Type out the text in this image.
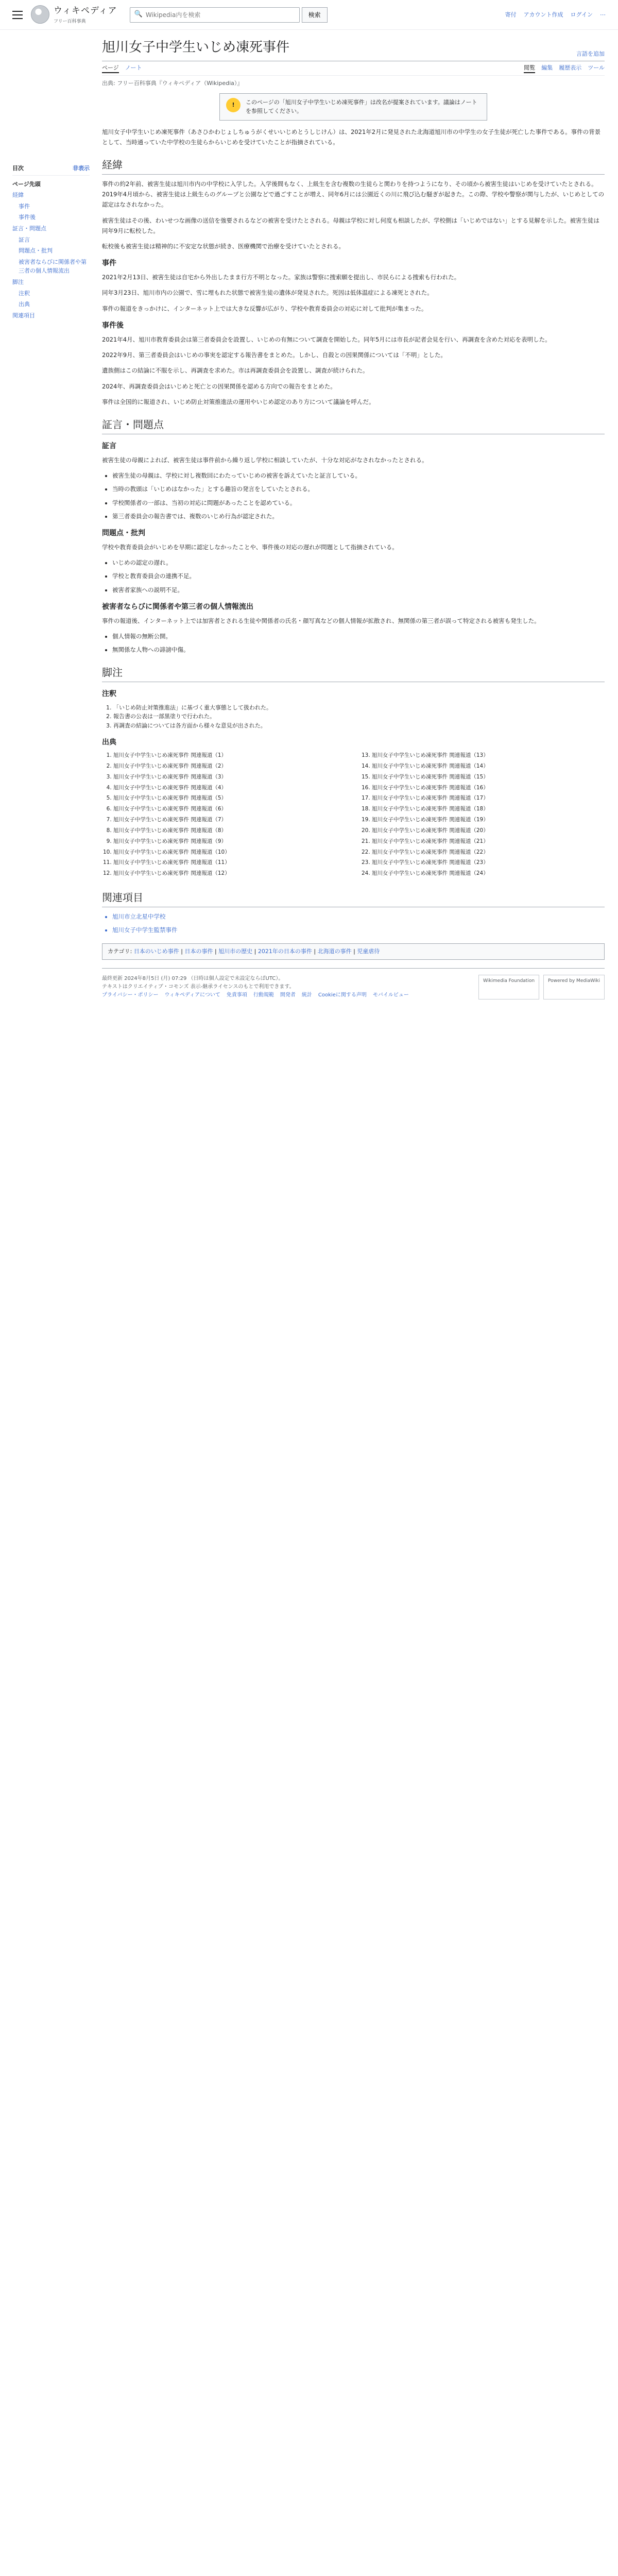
ウィキペディア
フリー百科事典
🔍
Wikipedia内を検索	検索	寄付 アカウント作成 ログイン ⋯
目次	非表示
ページ先頭
経緯
事件
事件後
証言・問題点
証言
問題点・批判
被害者ならびに関係者や第三者の個人情報流出
脚注
注釈
出典
関連項目
旭川女子中学生いじめ凍死事件	言語を追加
ページ ノート	閲覧 編集 履歴表示 ツール
出典: フリー百科事典『ウィキペディア（Wikipedia）』
!	このページの「旭川女子中学生いじめ凍死事件」は改名が提案されています。議論はノートを参照してください。

旭川女子中学生いじめ凍死事件（あさひかわじょしちゅうがくせいいじめとうしじけん）は、2021年2月に発見された北海道旭川市の中学生の女子生徒が死亡した事件である。事件の背景として、当時通っていた中学校の生徒らからいじめを受けていたことが指摘されている。

経緯

事件の約2年前、被害生徒は旭川市内の中学校に入学した。入学後間もなく、上級生を含む複数の生徒らと関わりを持つようになり、その頃から被害生徒はいじめを受けていたとされる。2019年4月頃から、被害生徒は上級生らのグループと公園などで過ごすことが増え、同年6月には公園近くの川に飛び込む騒ぎが起きた。この際、学校や警察が関与したが、いじめとしての認定はなされなかった。

被害生徒はその後、わいせつな画像の送信を強要されるなどの被害を受けたとされる。母親は学校に対し何度も相談したが、学校側は「いじめではない」とする見解を示した。被害生徒は同年9月に転校した。

転校後も被害生徒は精神的に不安定な状態が続き、医療機関で治療を受けていたとされる。

事件

2021年2月13日、被害生徒は自宅から外出したまま行方不明となった。家族は警察に捜索願を提出し、市民らによる捜索も行われた。

同年3月23日、旭川市内の公園で、雪に埋もれた状態で被害生徒の遺体が発見された。死因は低体温症による凍死とされた。

事件の報道をきっかけに、インターネット上では大きな反響が広がり、学校や教育委員会の対応に対して批判が集まった。

事件後

2021年4月、旭川市教育委員会は第三者委員会を設置し、いじめの有無について調査を開始した。同年5月には市長が記者会見を行い、再調査を含めた対応を表明した。

2022年9月、第三者委員会はいじめの事実を認定する報告書をまとめた。しかし、自殺との因果関係については「不明」とした。

遺族側はこの結論に不服を示し、再調査を求めた。市は再調査委員会を設置し、調査が続けられた。

2024年、再調査委員会はいじめと死亡との因果関係を認める方向での報告をまとめた。

事件は全国的に報道され、いじめ防止対策推進法の運用やいじめ認定のあり方について議論を呼んだ。

証言・問題点
証言

被害生徒の母親によれば、被害生徒は事件前から繰り返し学校に相談していたが、十分な対応がなされなかったとされる。

• 被害生徒の母親は、学校に対し複数回にわたっていじめの被害を訴えていたと証言している。
• 当時の教頭は「いじめはなかった」とする趣旨の発言をしていたとされる。
• 学校関係者の一部は、当初の対応に問題があったことを認めている。
• 第三者委員会の報告書では、複数のいじめ行為が認定された。
問題点・批判

学校や教育委員会がいじめを早期に認定しなかったことや、事件後の対応の遅れが問題として指摘されている。

• いじめの認定の遅れ。
• 学校と教育委員会の連携不足。
• 被害者家族への説明不足。
被害者ならびに関係者や第三者の個人情報流出

事件の報道後、インターネット上では加害者とされる生徒や関係者の氏名・顔写真などの個人情報が拡散され、無関係の第三者が誤って特定される被害も発生した。

• 個人情報の無断公開。
• 無関係な人物への誹謗中傷。
脚注
注釈
1. 「いじめ防止対策推進法」に基づく重大事態として扱われた。
2. 報告書の公表は一部黒塗りで行われた。
3. 再調査の結論については各方面から様々な意見が出された。
出典
1. 旭川女子中学生いじめ凍死事件 関連報道（1）
2. 旭川女子中学生いじめ凍死事件 関連報道（2）
3. 旭川女子中学生いじめ凍死事件 関連報道（3）
4. 旭川女子中学生いじめ凍死事件 関連報道（4）
5. 旭川女子中学生いじめ凍死事件 関連報道（5）
6. 旭川女子中学生いじめ凍死事件 関連報道（6）
7. 旭川女子中学生いじめ凍死事件 関連報道（7）
8. 旭川女子中学生いじめ凍死事件 関連報道（8）
9. 旭川女子中学生いじめ凍死事件 関連報道（9）
10. 旭川女子中学生いじめ凍死事件 関連報道（10）
11. 旭川女子中学生いじめ凍死事件 関連報道（11）
12. 旭川女子中学生いじめ凍死事件 関連報道（12）
13. 旭川女子中学生いじめ凍死事件 関連報道（13）
14. 旭川女子中学生いじめ凍死事件 関連報道（14）
15. 旭川女子中学生いじめ凍死事件 関連報道（15）
16. 旭川女子中学生いじめ凍死事件 関連報道（16）
17. 旭川女子中学生いじめ凍死事件 関連報道（17）
18. 旭川女子中学生いじめ凍死事件 関連報道（18）
19. 旭川女子中学生いじめ凍死事件 関連報道（19）
20. 旭川女子中学生いじめ凍死事件 関連報道（20）
21. 旭川女子中学生いじめ凍死事件 関連報道（21）
22. 旭川女子中学生いじめ凍死事件 関連報道（22）
23. 旭川女子中学生いじめ凍死事件 関連報道（23）
24. 旭川女子中学生いじめ凍死事件 関連報道（24）
関連項目
• 旭川市立北星中学校
• 旭川女子中学生監禁事件
カテゴリ: 日本のいじめ事件 | 日本の事件 | 旭川市の歴史 | 2021年の日本の事件 | 北海道の事件 | 児童虐待
最終更新 2024年8月5日 (月) 07:29 （日時は個人設定で未設定ならばUTC）。
テキストはクリエイティブ・コモンズ 表示-継承ライセンスのもとで利用できます。
プライバシー・ポリシー ウィキペディアについて 免責事項 行動規範 開発者 統計 Cookieに関する声明 モバイルビュー
Wikimedia Foundation	Powered by MediaWiki
